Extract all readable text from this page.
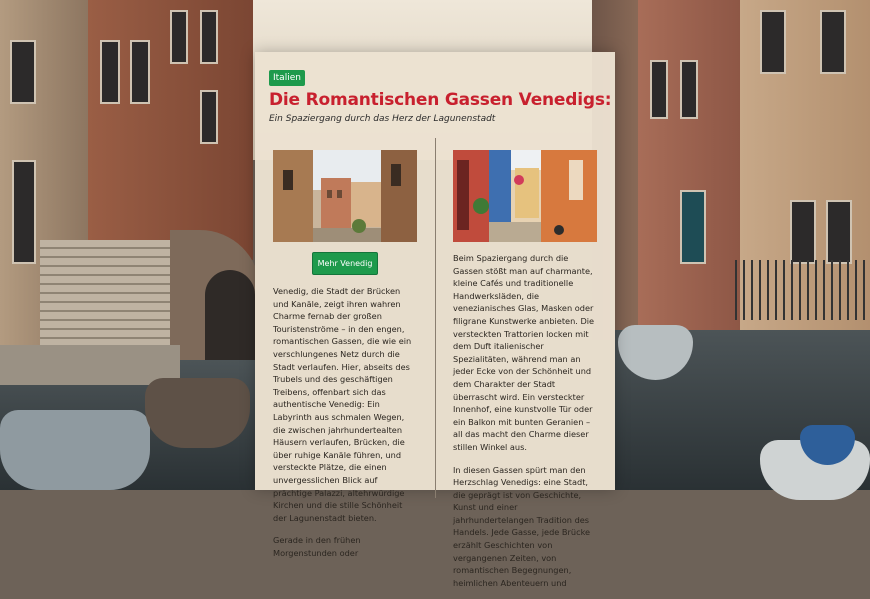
Italien
Die Romantischen Gassen Venedigs:

Ein Spaziergang durch das Herz der Lagunenstadt

Mehr Venedig

Venedig, die Stadt der Brücken und Kanäle, zeigt ihren wahren Charme fernab der großen Touristenströme – in den engen, romantischen Gassen, die wie ein verschlungenes Netz durch die Stadt verlaufen. Hier, abseits des Trubels und des geschäftigen Treibens, offenbart sich das authentische Venedig: Ein Labyrinth aus schmalen Wegen, die zwischen jahrhundertealten Häusern verlaufen, Brücken, die über ruhige Kanäle führen, und versteckte Plätze, die einen unvergesslichen Blick auf prächtige Palazzi, altehrwürdige Kirchen und die stille Schönheit der Lagunenstadt bieten.

Gerade in den frühen Morgenstunden oder

Beim Spaziergang durch die Gassen stößt man auf charmante, kleine Cafés und traditionelle Handwerksläden, die venezianisches Glas, Masken oder filigrane Kunstwerke anbieten. Die versteckten Trattorien locken mit dem Duft italienischer Spezialitäten, während man an jeder Ecke von der Schönheit und dem Charakter der Stadt überrascht wird. Ein versteckter Innenhof, eine kunstvolle Tür oder ein Balkon mit bunten Geranien – all das macht den Charme dieser stillen Winkel aus.

In diesen Gassen spürt man den Herzschlag Venedigs: eine Stadt, die geprägt ist von Geschichte, Kunst und einer jahrhundertelangen Tradition des Handels. Jede Gasse, jede Brücke erzählt Geschichten von vergangenen Zeiten, von romantischen Begegnungen, heimlichen Abenteuern und
